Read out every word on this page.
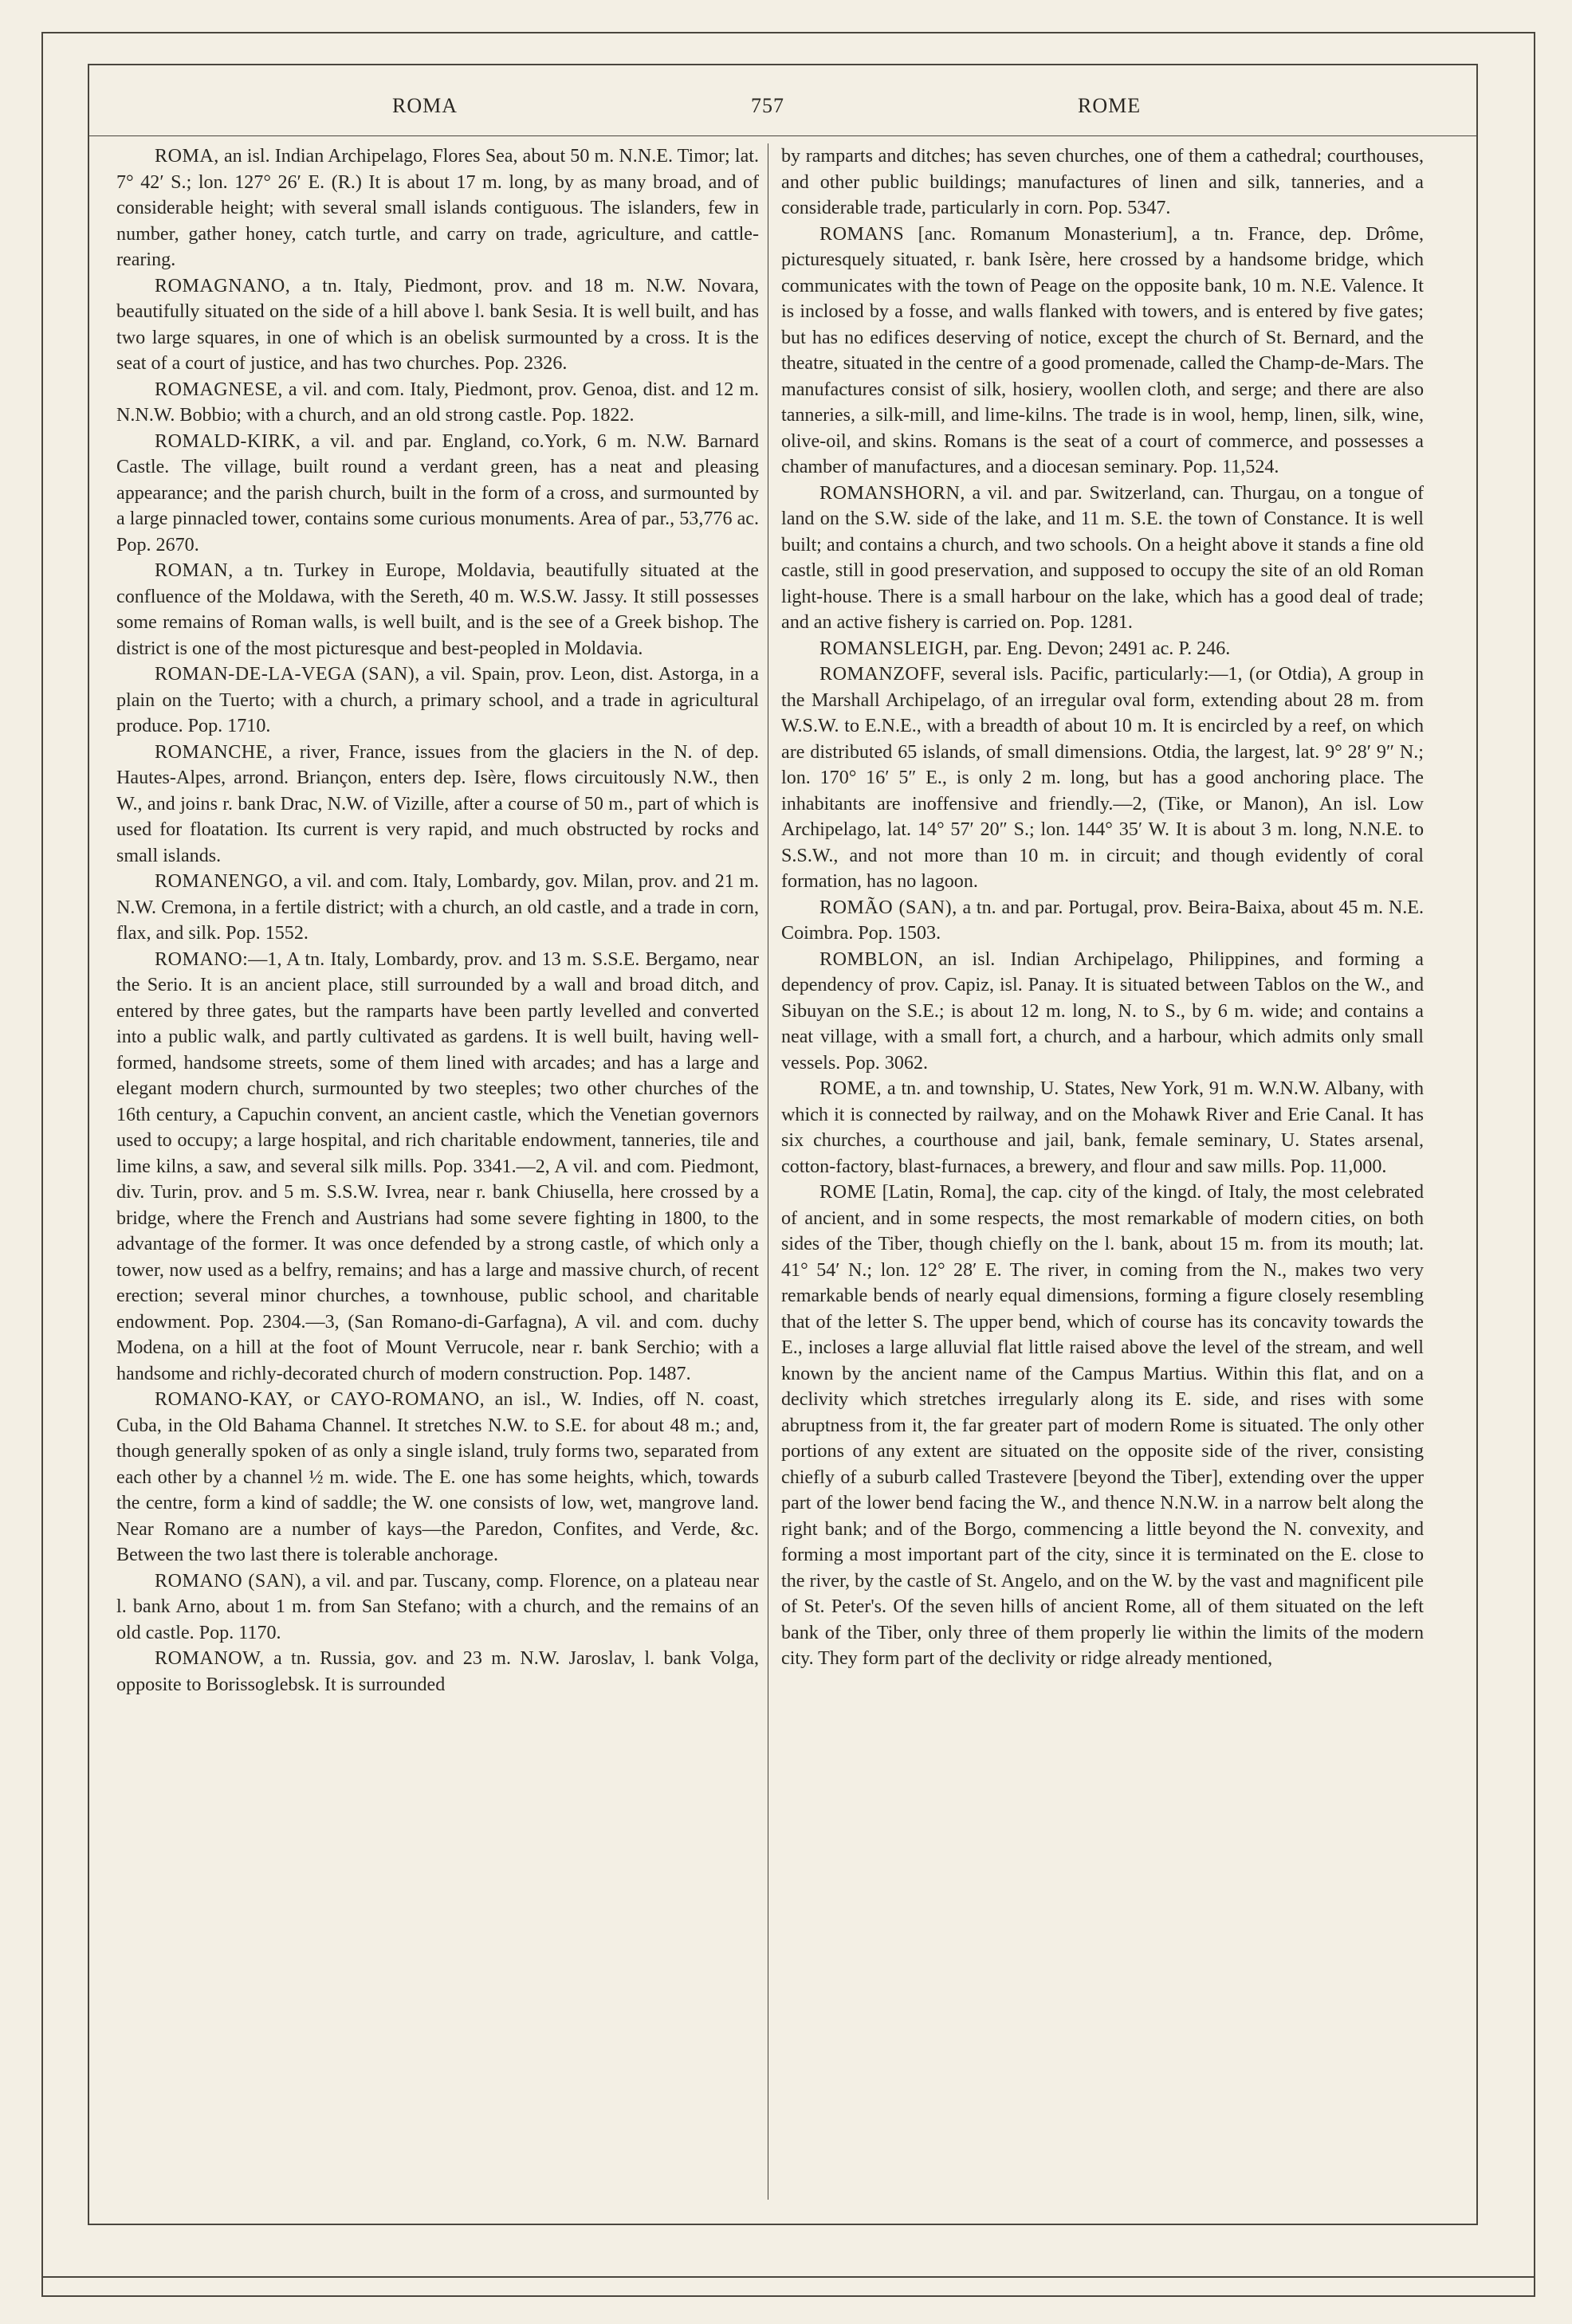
ROMA	757	ROME

ROMA, an isl. Indian Archipelago, Flores Sea, about 50 m. N.N.E. Timor; lat. 7° 42′ S.; lon. 127° 26′ E. (R.) It is about 17 m. long, by as many broad, and of considerable height; with several small islands contiguous. The islanders, few in number, gather honey, catch turtle, and carry on trade, agriculture, and cattle-rearing.

ROMAGNANO, a tn. Italy, Piedmont, prov. and 18 m. N.W. Novara, beautifully situated on the side of a hill above l. bank Sesia. It is well built, and has two large squares, in one of which is an obelisk surmounted by a cross. It is the seat of a court of justice, and has two churches. Pop. 2326.

ROMAGNESE, a vil. and com. Italy, Piedmont, prov. Genoa, dist. and 12 m. N.N.W. Bobbio; with a church, and an old strong castle. Pop. 1822.

ROMALD-KIRK, a vil. and par. England, co.York, 6 m. N.W. Barnard Castle. The village, built round a verdant green, has a neat and pleasing appearance; and the parish church, built in the form of a cross, and surmounted by a large pinnacled tower, contains some curious monuments. Area of par., 53,776 ac. Pop. 2670.

ROMAN, a tn. Turkey in Europe, Moldavia, beautifully situated at the confluence of the Moldawa, with the Sereth, 40 m. W.S.W. Jassy. It still possesses some remains of Roman walls, is well built, and is the see of a Greek bishop. The district is one of the most picturesque and best-peopled in Moldavia.

ROMAN-DE-LA-VEGA (SAN), a vil. Spain, prov. Leon, dist. Astorga, in a plain on the Tuerto; with a church, a primary school, and a trade in agricultural produce. Pop. 1710.

ROMANCHE, a river, France, issues from the glaciers in the N. of dep. Hautes-Alpes, arrond. Briançon, enters dep. Isère, flows circuitously N.W., then W., and joins r. bank Drac, N.W. of Vizille, after a course of 50 m., part of which is used for floatation. Its current is very rapid, and much obstructed by rocks and small islands.

ROMANENGO, a vil. and com. Italy, Lombardy, gov. Milan, prov. and 21 m. N.W. Cremona, in a fertile district; with a church, an old castle, and a trade in corn, flax, and silk. Pop. 1552.

ROMANO:—1, A tn. Italy, Lombardy, prov. and 13 m. S.S.E. Bergamo, near the Serio. It is an ancient place, still surrounded by a wall and broad ditch, and entered by three gates, but the ramparts have been partly levelled and converted into a public walk, and partly cultivated as gardens. It is well built, having well-formed, handsome streets, some of them lined with arcades; and has a large and elegant modern church, surmounted by two steeples; two other churches of the 16th century, a Capuchin convent, an ancient castle, which the Venetian governors used to occupy; a large hospital, and rich charitable endowment, tanneries, tile and lime kilns, a saw, and several silk mills. Pop. 3341.—2, A vil. and com. Piedmont, div. Turin, prov. and 5 m. S.S.W. Ivrea, near r. bank Chiusella, here crossed by a bridge, where the French and Austrians had some severe fighting in 1800, to the advantage of the former. It was once defended by a strong castle, of which only a tower, now used as a belfry, remains; and has a large and massive church, of recent erection; several minor churches, a townhouse, public school, and charitable endowment. Pop. 2304.—3, (San Romano-di-Garfagna), A vil. and com. duchy Modena, on a hill at the foot of Mount Verrucole, near r. bank Serchio; with a handsome and richly-decorated church of modern construction. Pop. 1487.

ROMANO-KAY, or CAYO-ROMANO, an isl., W. Indies, off N. coast, Cuba, in the Old Bahama Channel. It stretches N.W. to S.E. for about 48 m.; and, though generally spoken of as only a single island, truly forms two, separated from each other by a channel ½ m. wide. The E. one has some heights, which, towards the centre, form a kind of saddle; the W. one consists of low, wet, mangrove land. Near Romano are a number of kays—the Paredon, Confites, and Verde, &c. Between the two last there is tolerable anchorage.

ROMANO (SAN), a vil. and par. Tuscany, comp. Florence, on a plateau near l. bank Arno, about 1 m. from San Stefano; with a church, and the remains of an old castle. Pop. 1170.

ROMANOW, a tn. Russia, gov. and 23 m. N.W. Jaroslav, l. bank Volga, opposite to Borissoglebsk. It is surrounded

by ramparts and ditches; has seven churches, one of them a cathedral; courthouses, and other public buildings; manufactures of linen and silk, tanneries, and a considerable trade, particularly in corn. Pop. 5347.

ROMANS [anc. Romanum Monasterium], a tn. France, dep. Drôme, picturesquely situated, r. bank Isère, here crossed by a handsome bridge, which communicates with the town of Peage on the opposite bank, 10 m. N.E. Valence. It is inclosed by a fosse, and walls flanked with towers, and is entered by five gates; but has no edifices deserving of notice, except the church of St. Bernard, and the theatre, situated in the centre of a good promenade, called the Champ-de-Mars. The manufactures consist of silk, hosiery, woollen cloth, and serge; and there are also tanneries, a silk-mill, and lime-kilns. The trade is in wool, hemp, linen, silk, wine, olive-oil, and skins. Romans is the seat of a court of commerce, and possesses a chamber of manufactures, and a diocesan seminary. Pop. 11,524.

ROMANSHORN, a vil. and par. Switzerland, can. Thurgau, on a tongue of land on the S.W. side of the lake, and 11 m. S.E. the town of Constance. It is well built; and contains a church, and two schools. On a height above it stands a fine old castle, still in good preservation, and supposed to occupy the site of an old Roman light-house. There is a small harbour on the lake, which has a good deal of trade; and an active fishery is carried on. Pop. 1281.

ROMANSLEIGH, par. Eng. Devon; 2491 ac. P. 246.

ROMANZOFF, several isls. Pacific, particularly:—1, (or Otdia), A group in the Marshall Archipelago, of an irregular oval form, extending about 28 m. from W.S.W. to E.N.E., with a breadth of about 10 m. It is encircled by a reef, on which are distributed 65 islands, of small dimensions. Otdia, the largest, lat. 9° 28′ 9″ N.; lon. 170° 16′ 5″ E., is only 2 m. long, but has a good anchoring place. The inhabitants are inoffensive and friendly.—2, (Tike, or Manon), An isl. Low Archipelago, lat. 14° 57′ 20″ S.; lon. 144° 35′ W. It is about 3 m. long, N.N.E. to S.S.W., and not more than 10 m. in circuit; and though evidently of coral formation, has no lagoon.

ROMÃO (SAN), a tn. and par. Portugal, prov. Beira-Baixa, about 45 m. N.E. Coimbra. Pop. 1503.

ROMBLON, an isl. Indian Archipelago, Philippines, and forming a dependency of prov. Capiz, isl. Panay. It is situated between Tablos on the W., and Sibuyan on the S.E.; is about 12 m. long, N. to S., by 6 m. wide; and contains a neat village, with a small fort, a church, and a harbour, which admits only small vessels. Pop. 3062.

ROME, a tn. and township, U. States, New York, 91 m. W.N.W. Albany, with which it is connected by railway, and on the Mohawk River and Erie Canal. It has six churches, a courthouse and jail, bank, female seminary, U. States arsenal, cotton-factory, blast-furnaces, a brewery, and flour and saw mills. Pop. 11,000.

ROME [Latin, Roma], the cap. city of the kingd. of Italy, the most celebrated of ancient, and in some respects, the most remarkable of modern cities, on both sides of the Tiber, though chiefly on the l. bank, about 15 m. from its mouth; lat. 41° 54′ N.; lon. 12° 28′ E. The river, in coming from the N., makes two very remarkable bends of nearly equal dimensions, forming a figure closely resembling that of the letter S. The upper bend, which of course has its concavity towards the E., incloses a large alluvial flat little raised above the level of the stream, and well known by the ancient name of the Campus Martius. Within this flat, and on a declivity which stretches irregularly along its E. side, and rises with some abruptness from it, the far greater part of modern Rome is situated. The only other portions of any extent are situated on the opposite side of the river, consisting chiefly of a suburb called Trastevere [beyond the Tiber], extending over the upper part of the lower bend facing the W., and thence N.N.W. in a narrow belt along the right bank; and of the Borgo, commencing a little beyond the N. convexity, and forming a most important part of the city, since it is terminated on the E. close to the river, by the castle of St. Angelo, and on the W. by the vast and magnificent pile of St. Peter's. Of the seven hills of ancient Rome, all of them situated on the left bank of the Tiber, only three of them properly lie within the limits of the modern city. They form part of the declivity or ridge already mentioned,
